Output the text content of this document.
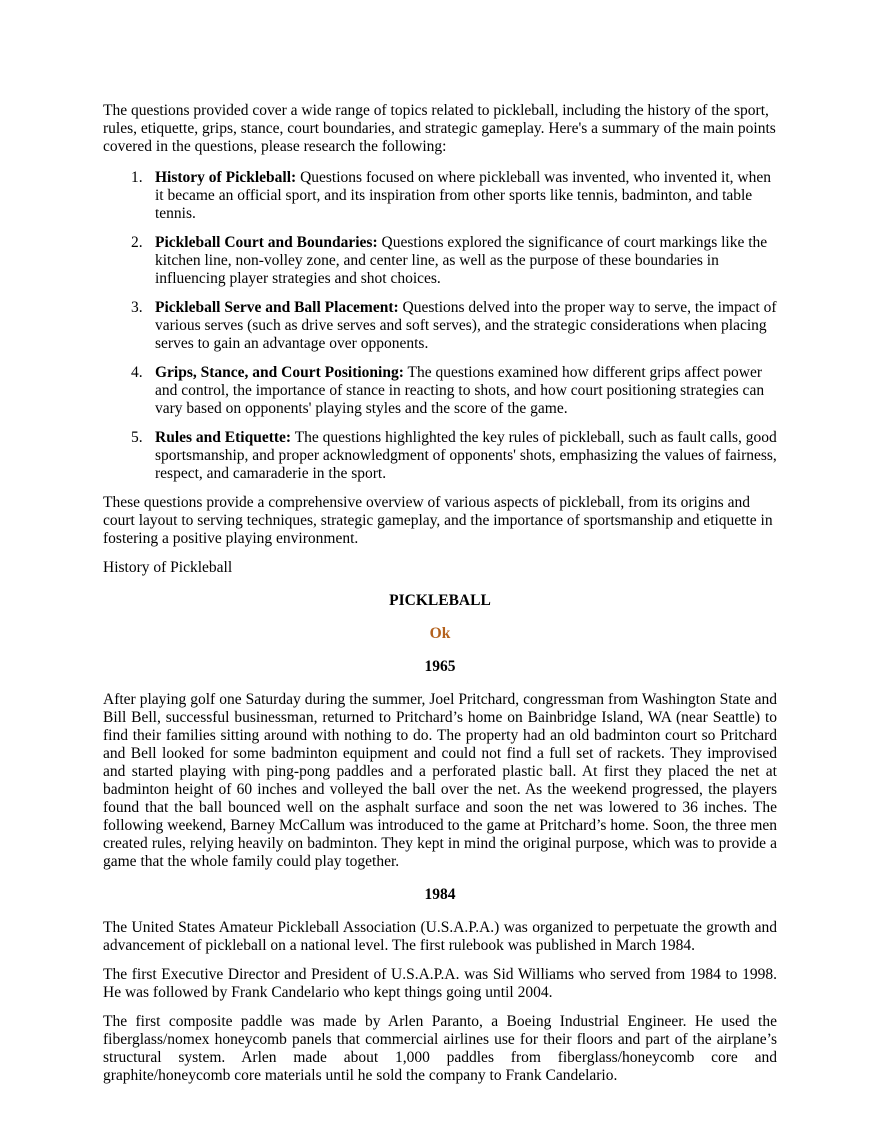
The questions provided cover a wide range of topics related to pickleball, including the history of the sport, rules, etiquette, grips, stance, court boundaries, and strategic gameplay. Here's a summary of the main points covered in the questions, please research the following:

1. History of Pickleball: Questions focused on where pickleball was invented, who invented it, when it became an official sport, and its inspiration from other sports like tennis, badminton, and table tennis.
2. Pickleball Court and Boundaries: Questions explored the significance of court markings like the kitchen line, non-volley zone, and center line, as well as the purpose of these boundaries in influencing player strategies and shot choices.
3. Pickleball Serve and Ball Placement: Questions delved into the proper way to serve, the impact of various serves (such as drive serves and soft serves), and the strategic considerations when placing serves to gain an advantage over opponents.
4. Grips, Stance, and Court Positioning: The questions examined how different grips affect power and control, the importance of stance in reacting to shots, and how court positioning strategies can vary based on opponents' playing styles and the score of the game.
5. Rules and Etiquette: The questions highlighted the key rules of pickleball, such as fault calls, good sportsmanship, and proper acknowledgment of opponents' shots, emphasizing the values of fairness, respect, and camaraderie in the sport.

These questions provide a comprehensive overview of various aspects of pickleball, from its origins and court layout to serving techniques, strategic gameplay, and the importance of sportsmanship and etiquette in fostering a positive playing environment.

History of Pickleball

PICKLEBALL
Ok
1965

After playing golf one Saturday during the summer, Joel Pritchard, congressman from Washington State and Bill Bell, successful businessman, returned to Pritchard’s home on Bainbridge Island, WA (near Seattle) to find their families sitting around with nothing to do. The property had an old badminton court so Pritchard and Bell looked for some badminton equipment and could not find a full set of rackets. They improvised and started playing with ping-pong paddles and a perforated plastic ball. At first they placed the net at badminton height of 60 inches and volleyed the ball over the net. As the weekend progressed, the players found that the ball bounced well on the asphalt surface and soon the net was lowered to 36 inches. The following weekend, Barney McCallum was introduced to the game at Pritchard’s home. Soon, the three men created rules, relying heavily on badminton. They kept in mind the original purpose, which was to provide a game that the whole family could play together.

1984

The United States Amateur Pickleball Association (U.S.A.P.A.) was organized to perpetuate the growth and advancement of pickleball on a national level. The first rulebook was published in March 1984.

The first Executive Director and President of U.S.A.P.A. was Sid Williams who served from 1984 to 1998. He was followed by Frank Candelario who kept things going until 2004.

The first composite paddle was made by Arlen Paranto, a Boeing Industrial Engineer. He used the fiberglass/nomex honeycomb panels that commercial airlines use for their floors and part of the airplane’s structural system. Arlen made about 1,000 paddles from fiberglass/honeycomb core and graphite/honeycomb core materials until he sold the company to Frank Candelario.
